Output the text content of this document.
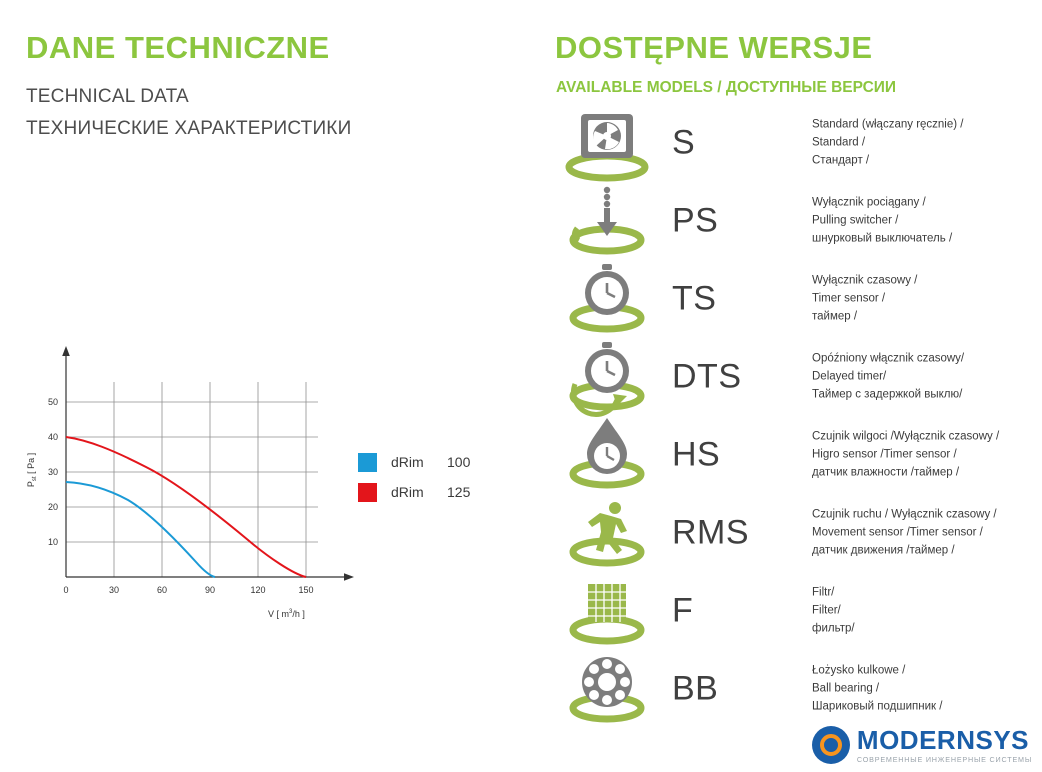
DANE TECHNICZNE
TECHNICAL DATA
ТЕХНИЧЕСКИЕ ХАРАКТЕРИСТИКИ
10
20
30
40
50
0	30	60	90	120	150
$P_{st}$ [ Pa ]
V [ $m^3/h$ ]
dRim	100
dRim	125
DOSTĘPNE WERSJE
AVAILABLE MODELS / ДОСТУПНЫЕ ВЕРСИИ
S	Standard (włączany ręcznie) /
Standard /
Стандарт /
PS	Wyłącznik pociągany /
Pulling switcher /
шнурковый выключатель /
TS	Wyłącznik czasowy /
Timer sensor /
таймер /
DTS	Opóźniony włącznik czasowy/
Delayed timer/
Таймер с задержкой выклю/
HS	Czujnik wilgoci /Wyłącznik czasowy /
Higro sensor /Timer sensor /
датчик влажности /таймер /
RMS	Czujnik ruchu / Wyłącznik czasowy /
Movement sensor /Timer sensor /
датчик движения /таймер /
F	Filtr/
Filter/
фильтр/
BB	Łożysko kulkowe /
Ball bearing /
Шариковый подшипник /
MODERNSYS
СОВРЕМЕННЫЕ ИНЖЕНЕРНЫЕ СИСТЕМЫ
